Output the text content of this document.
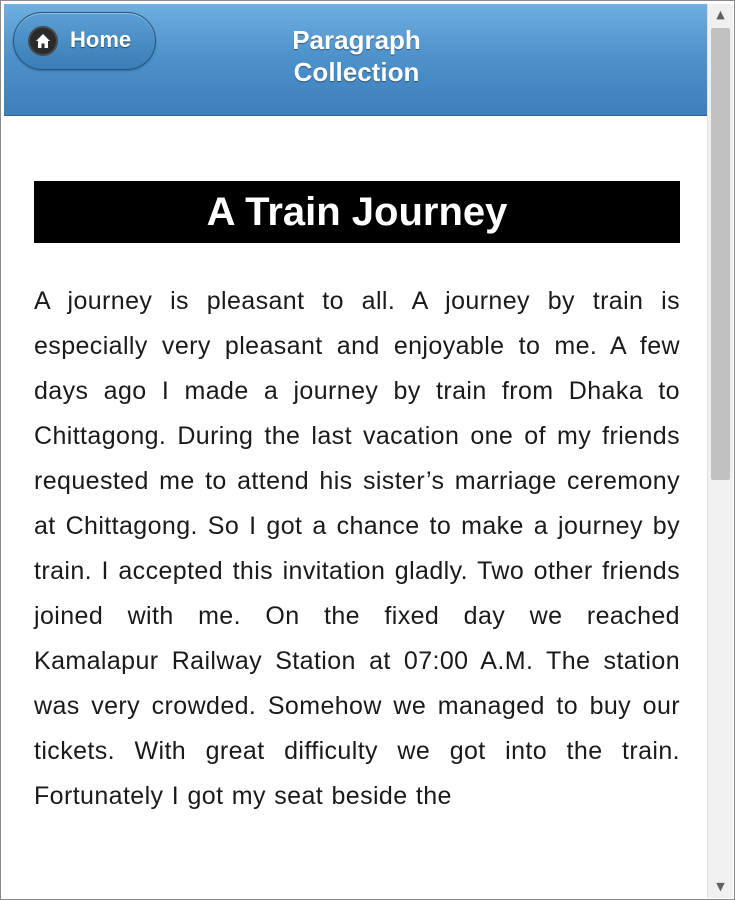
Home	Paragraph
Collection
A Train Journey

A journey is pleasant to all. A journey by train is especially very pleasant and enjoyable to me. A few days ago I made a journey by train from Dhaka to Chittagong. During the last vacation one of my friends requested me to attend his sister’s marriage ceremony at Chittagong. So I got a chance to make a journey by train. I accepted this invitation gladly. Two other friends joined with me. On the fixed day we reached Kamalapur Railway Station at 07:00 A.M. The station was very crowded. Somehow we managed to buy our tickets. With great difficulty we got into the train. Fortunately I got my seat beside the

▲
▼
